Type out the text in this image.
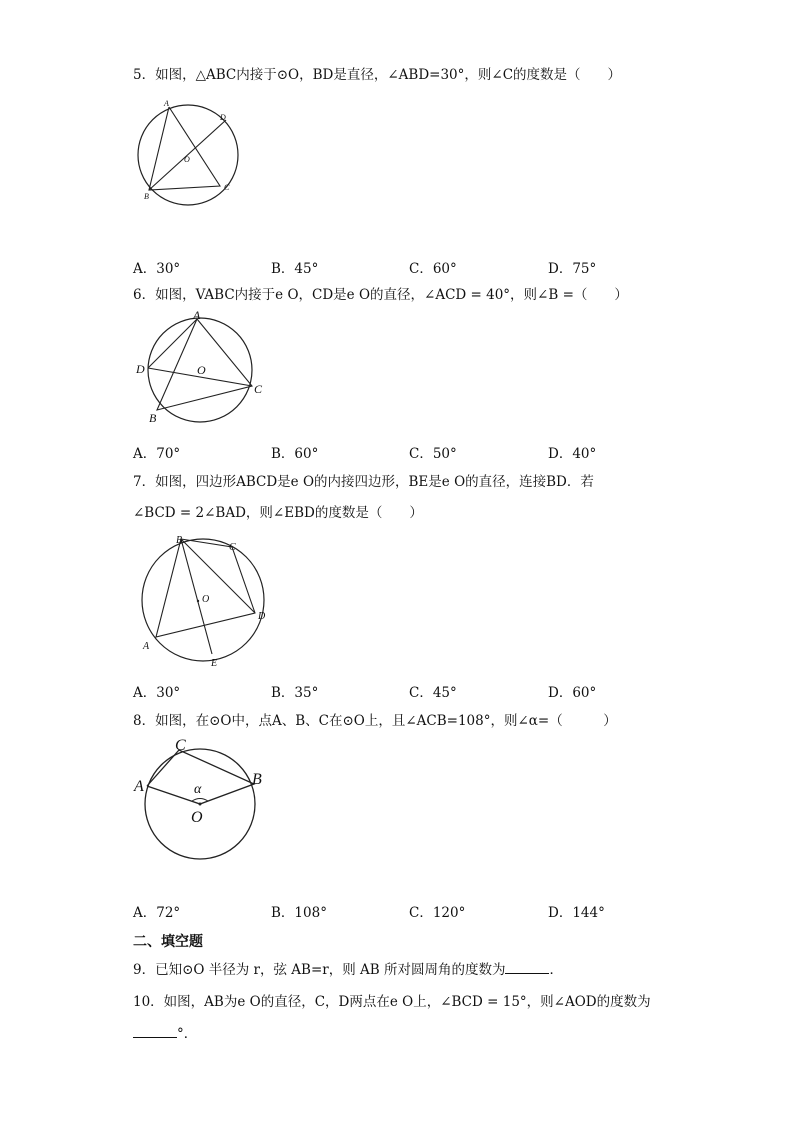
5．如图，△ABC内接于⊙O，BD是直径，∠ABD=30°，则∠C的度数是（　　）
A
D
O
B
C
A．30°	B．45°	C．60°	D．75°
6．如图，VABC内接于e O，CD是e O的直径，∠ACD = 40°，则∠B =（　　）
A
D	O
C
B
A．70°	B．60°	C．50°	D．40°
7．如图，四边形ABCD是e O的内接四边形，BE是e O的直径，连接BD．若
∠BCD = 2∠BAD，则∠EBD的度数是（　　）
B
C
O
D
A
E
A．30°	B．35°	C．45°	D．60°
8．如图，在⊙O中，点A、B、C在⊙O上，且∠ACB=108°，则∠α=（　　　）
C
A	B
α
O
A．72°	B．108°	C．120°	D．144°
二、填空题
9．已知⊙O 半径为 r，弦 AB=r，则 AB 所对圆周角的度数为	．
10．如图，AB为e O的直径，C，D两点在e O上，∠BCD = 15°，则∠AOD的度数为
°．
